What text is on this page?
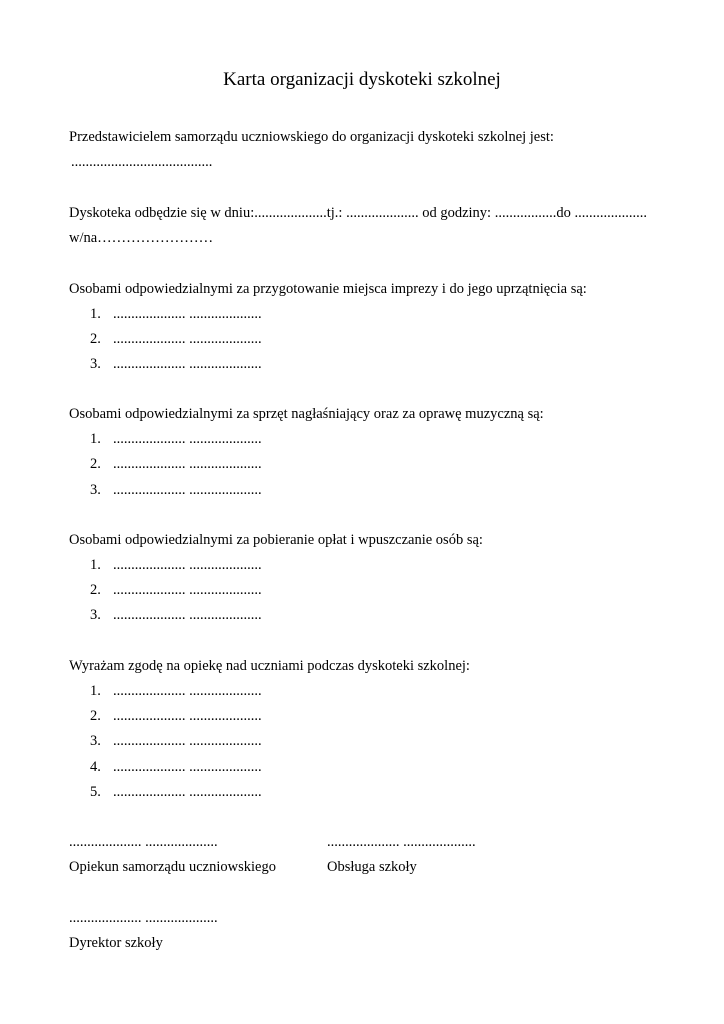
Karta organizacji dyskoteki szkolnej
Przedstawicielem samorządu uczniowskiego do organizacji dyskoteki szkolnej jest:
.......................................
Dyskoteka odbędzie się w dniu:....................tj.: .................... od godziny: .................do ....................
w/na……………………
Osobami odpowiedzialnymi za przygotowanie miejsca imprezy i do jego uprzątnięcia są:
1. .................... ....................
2. .................... ....................
3. .................... ....................
Osobami odpowiedzialnymi za sprzęt nagłaśniający oraz za oprawę muzyczną są:
1. .................... ....................
2. .................... ....................
3. .................... ....................
Osobami odpowiedzialnymi za pobieranie opłat i wpuszczanie osób są:
1. .................... ....................
2. .................... ....................
3. .................... ....................
Wyrażam zgodę na opiekę nad uczniami podczas dyskoteki szkolnej:
1. .................... ....................
2. .................... ....................
3. .................... ....................
4. .................... ....................
5. .................... ....................
.................... ....................
Opiekun samorządu uczniowskiego
.................... ....................
Obsługa szkoły
.................... ....................
Dyrektor szkoły
